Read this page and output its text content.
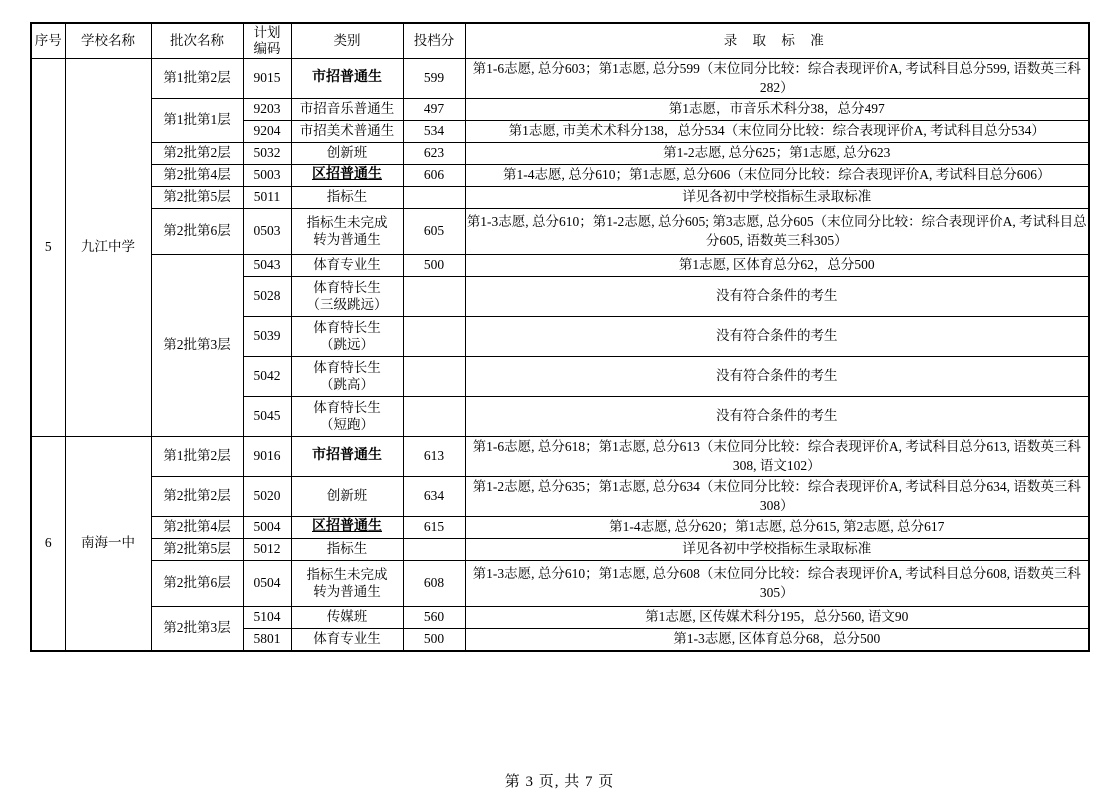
序号	学校名称	批次名称	计划
编码	类别	投档分	录 取 标 准
5	九江中学	第1批第2层	9015	市招普通生	599	第1-6志愿, 总分603；第1志愿, 总分599（末位同分比较：综合表现评价A, 考试科目总分599, 语数英三科282）
		第1批第1层	9203	市招音乐普通生	497	第1志愿，市音乐术科分38，总分497
			9204	市招美术普通生	534	第1志愿, 市美术术科分138，总分534（末位同分比较：综合表现评价A, 考试科目总分534）
		第2批第2层	5032	创新班	623	第1-2志愿, 总分625；第1志愿, 总分623
		第2批第4层	5003	区招普通生	606	第1-4志愿, 总分610；第1志愿, 总分606（末位同分比较：综合表现评价A, 考试科目总分606）
		第2批第5层	5011	指标生		详见各初中学校指标生录取标准
		第2批第6层	0503	指标生未完成
转为普通生	605	第1-3志愿, 总分610；第1-2志愿, 总分605; 第3志愿, 总分605（末位同分比较：综合表现评价A, 考试科目总分605, 语数英三科305）
		第2批第3层	5043	体育专业生	500	第1志愿, 区体育总分62，总分500
			5028	体育特长生
（三级跳远）		没有符合条件的考生
			5039	体育特长生
（跳远）		没有符合条件的考生
			5042	体育特长生
（跳高）		没有符合条件的考生
			5045	体育特长生
（短跑）		没有符合条件的考生
6	南海一中	第1批第2层	9016	市招普通生	613	第1-6志愿, 总分618；第1志愿, 总分613（末位同分比较：综合表现评价A, 考试科目总分613, 语数英三科308, 语文102）
		第2批第2层	5020	创新班	634	第1-2志愿, 总分635；第1志愿, 总分634（末位同分比较：综合表现评价A, 考试科目总分634, 语数英三科308）
		第2批第4层	5004	区招普通生	615	第1-4志愿, 总分620；第1志愿, 总分615, 第2志愿, 总分617
		第2批第5层	5012	指标生		详见各初中学校指标生录取标准
		第2批第6层	0504	指标生未完成
转为普通生	608	第1-3志愿, 总分610；第1志愿, 总分608（末位同分比较：综合表现评价A, 考试科目总分608, 语数英三科305）
		第2批第3层	5104	传媒班	560	第1志愿, 区传媒术科分195，总分560, 语文90
			5801	体育专业生	500	第1-3志愿, 区体育总分68，总分500
第 3 页, 共 7 页
